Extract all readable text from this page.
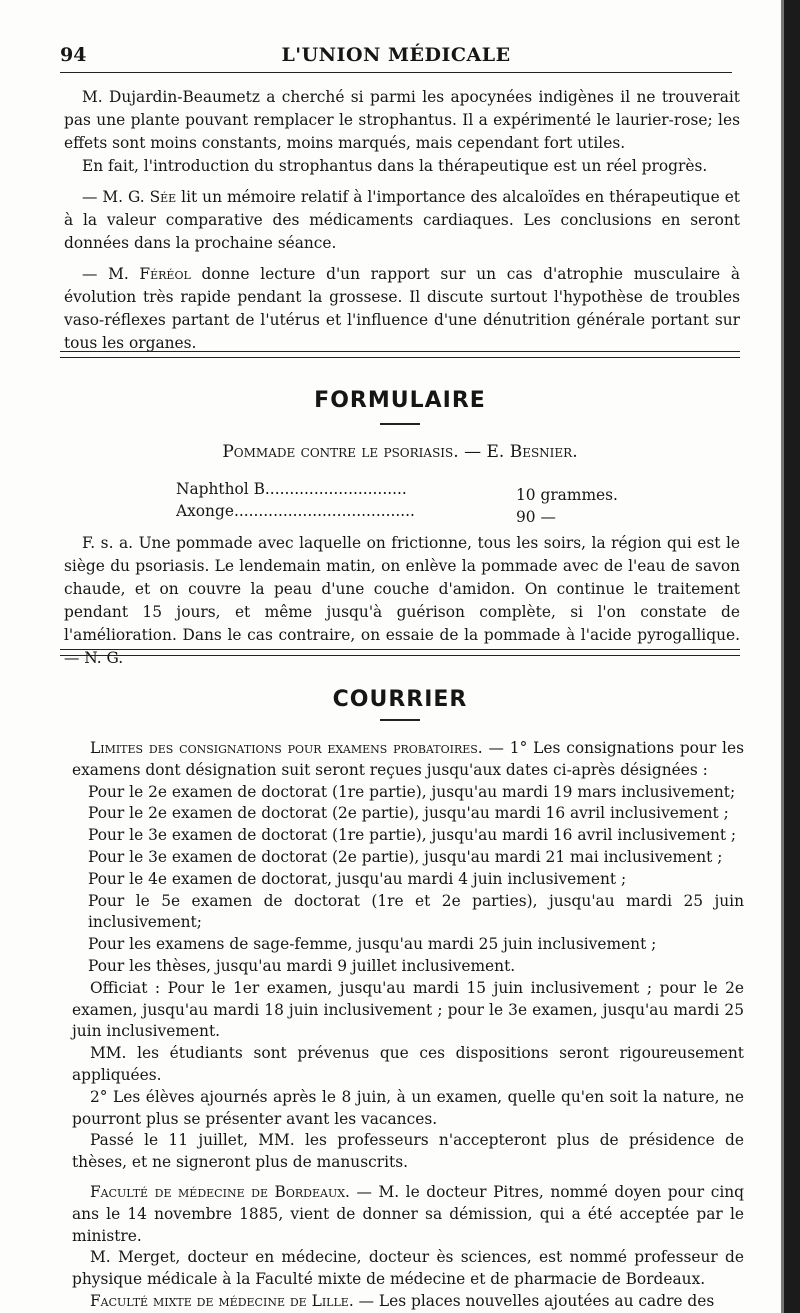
94	L'UNION MÉDICALE

M. Dujardin-Beaumetz a cherché si parmi les apocynées indigènes il ne trouverait pas une plante pouvant remplacer le strophantus. Il a expérimenté le laurier-rose; les effets sont moins constants, moins marqués, mais cependant fort utiles.

En fait, l'introduction du strophantus dans la thérapeutique est un réel progrès.

— M. G. Sée lit un mémoire relatif à l'importance des alcaloïdes en thérapeutique et à la valeur comparative des médicaments cardiaques. Les conclusions en seront données dans la prochaine séance.

— M. Féréol donne lecture d'un rapport sur un cas d'atrophie musculaire à évolution très rapide pendant la grossese. Il discute surtout l'hypothèse de troubles vaso-réflexes partant de l'utérus et l'influence d'une dénutrition générale portant sur tous les organes.

FORMULAIRE
Pommade contre le psoriasis. — E. Besnier.
Naphthol B.............................	10 grammes.
Axonge.....................................	90 —

F. s. a. Une pommade avec laquelle on frictionne, tous les soirs, la région qui est le siège du psoriasis. Le lendemain matin, on enlève la pommade avec de l'eau de savon chaude, et on couvre la peau d'une couche d'amidon. On continue le traitement pendant 15 jours, et même jusqu'à guérison complète, si l'on constate de l'amélioration. Dans le cas contraire, on essaie de la pommade à l'acide pyrogallique. — N. G.

COURRIER

Limites des consignations pour examens probatoires. — 1° Les consignations pour les examens dont désignation suit seront reçues jusqu'aux dates ci-après désignées :

Pour le 2e examen de doctorat (1re partie), jusqu'au mardi 19 mars inclusivement;

Pour le 2e examen de doctorat (2e partie), jusqu'au mardi 16 avril inclusivement ;

Pour le 3e examen de doctorat (1re partie), jusqu'au mardi 16 avril inclusivement ;

Pour le 3e examen de doctorat (2e partie), jusqu'au mardi 21 mai inclusivement ;

Pour le 4e examen de doctorat, jusqu'au mardi 4 juin inclusivement ;

Pour le 5e examen de doctorat (1re et 2e parties), jusqu'au mardi 25 juin inclusivement;

Pour les examens de sage-femme, jusqu'au mardi 25 juin inclusivement ;

Pour les thèses, jusqu'au mardi 9 juillet inclusivement.

Officiat : Pour le 1er examen, jusqu'au mardi 15 juin inclusivement ; pour le 2e examen, jusqu'au mardi 18 juin inclusivement ; pour le 3e examen, jusqu'au mardi 25 juin inclusivement.

MM. les étudiants sont prévenus que ces dispositions seront rigoureusement appliquées.

2° Les élèves ajournés après le 8 juin, à un examen, quelle qu'en soit la nature, ne pourront plus se présenter avant les vacances.

Passé le 11 juillet, MM. les professeurs n'accepteront plus de présidence de thèses, et ne signeront plus de manuscrits.

Faculté de médecine de Bordeaux. — M. le docteur Pitres, nommé doyen pour cinq ans le 14 novembre 1885, vient de donner sa démission, qui a été acceptée par le ministre.

M. Merget, docteur en médecine, docteur ès sciences, est nommé professeur de physique médicale à la Faculté mixte de médecine et de pharmacie de Bordeaux.

Faculté mixte de médecine de Lille. — Les places nouvelles ajoutées au cadre des
